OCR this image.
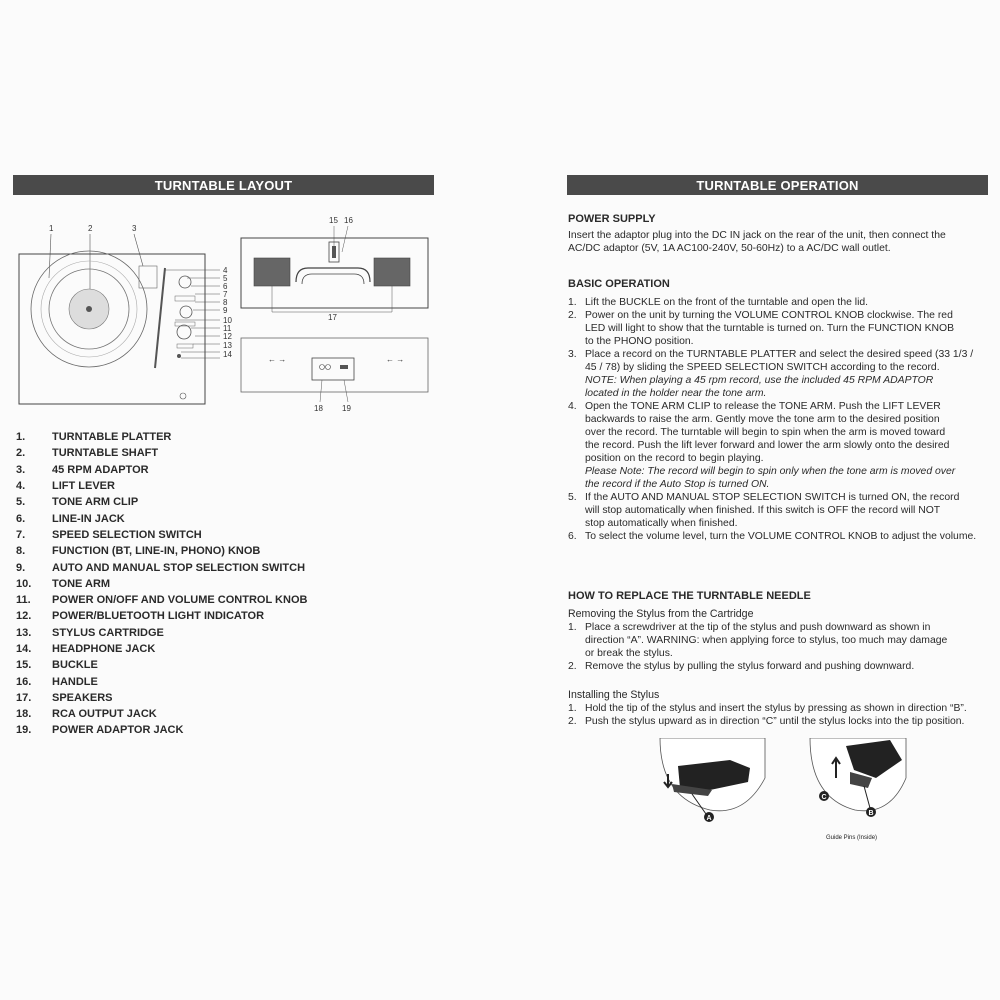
TURNTABLE LAYOUT
1	2	3
4
5
6
7
8
9
10
11
12
13
14
15 16
17
← →	← →
18 19
1.	TURNTABLE PLATTER
2.	TURNTABLE SHAFT
3.	45 RPM ADAPTOR
4.	LIFT LEVER
5.	TONE ARM CLIP
6.	LINE-IN JACK
7.	SPEED SELECTION SWITCH
8.	FUNCTION (BT, LINE-IN, PHONO) KNOB
9.	AUTO AND MANUAL STOP SELECTION SWITCH
10.	TONE ARM
11.	POWER ON/OFF AND VOLUME CONTROL KNOB
12.	POWER/BLUETOOTH LIGHT INDICATOR
13.	STYLUS CARTRIDGE
14.	HEADPHONE JACK
15.	BUCKLE
16.	HANDLE
17.	SPEAKERS
18.	RCA OUTPUT JACK
19.	POWER ADAPTOR JACK
TURNTABLE OPERATION
POWER SUPPLY
Insert the adaptor plug into the DC IN jack on the rear of the unit, then connect the
AC/DC adaptor (5V, 1A AC100-240V, 50-60Hz) to a AC/DC wall outlet.
BASIC OPERATION
1. Lift the BUCKLE on the front of the turntable and open the lid.
2. Power on the unit by turning the VOLUME CONTROL KNOB clockwise. The red
LED will light to show that the turntable is turned on. Turn the FUNCTION KNOB
to the PHONO position.
3. Place a record on the TURNTABLE PLATTER and select the desired speed (33 1/3 /
45 / 78) by sliding the SPEED SELECTION SWITCH according to the record.
NOTE: When playing a 45 rpm record, use the included 45 RPM ADAPTOR
located in the holder near the tone arm.
4. Open the TONE ARM CLIP to release the TONE ARM. Push the LIFT LEVER
backwards to raise the arm. Gently move the tone arm to the desired position
over the record. The turntable will begin to spin when the arm is moved toward
the record. Push the lift lever forward and lower the arm slowly onto the desired
position on the record to begin playing.
Please Note: The record will begin to spin only when the tone arm is moved over
the record if the Auto Stop is turned ON.
5. If the AUTO AND MANUAL STOP SELECTION SWITCH is turned ON, the record
will stop automatically when finished. If this switch is OFF the record will NOT
stop automatically when finished.
6. To select the volume level, turn the VOLUME CONTROL KNOB to adjust the volume.
HOW TO REPLACE THE TURNTABLE NEEDLE
Removing the Stylus from the Cartridge
1. Place a screwdriver at the tip of the stylus and push downward as shown in
direction “A”. WARNING: when applying force to stylus, too much may damage
or break the stylus.
2. Remove the stylus by pulling the stylus forward and pushing downward.
Installing the Stylus
1. Hold the tip of the stylus and insert the stylus by pressing as shown in direction “B”.
2. Push the stylus upward as in direction “C” until the stylus locks into the tip position.
A
B
C
Guide Pins (Inside)
